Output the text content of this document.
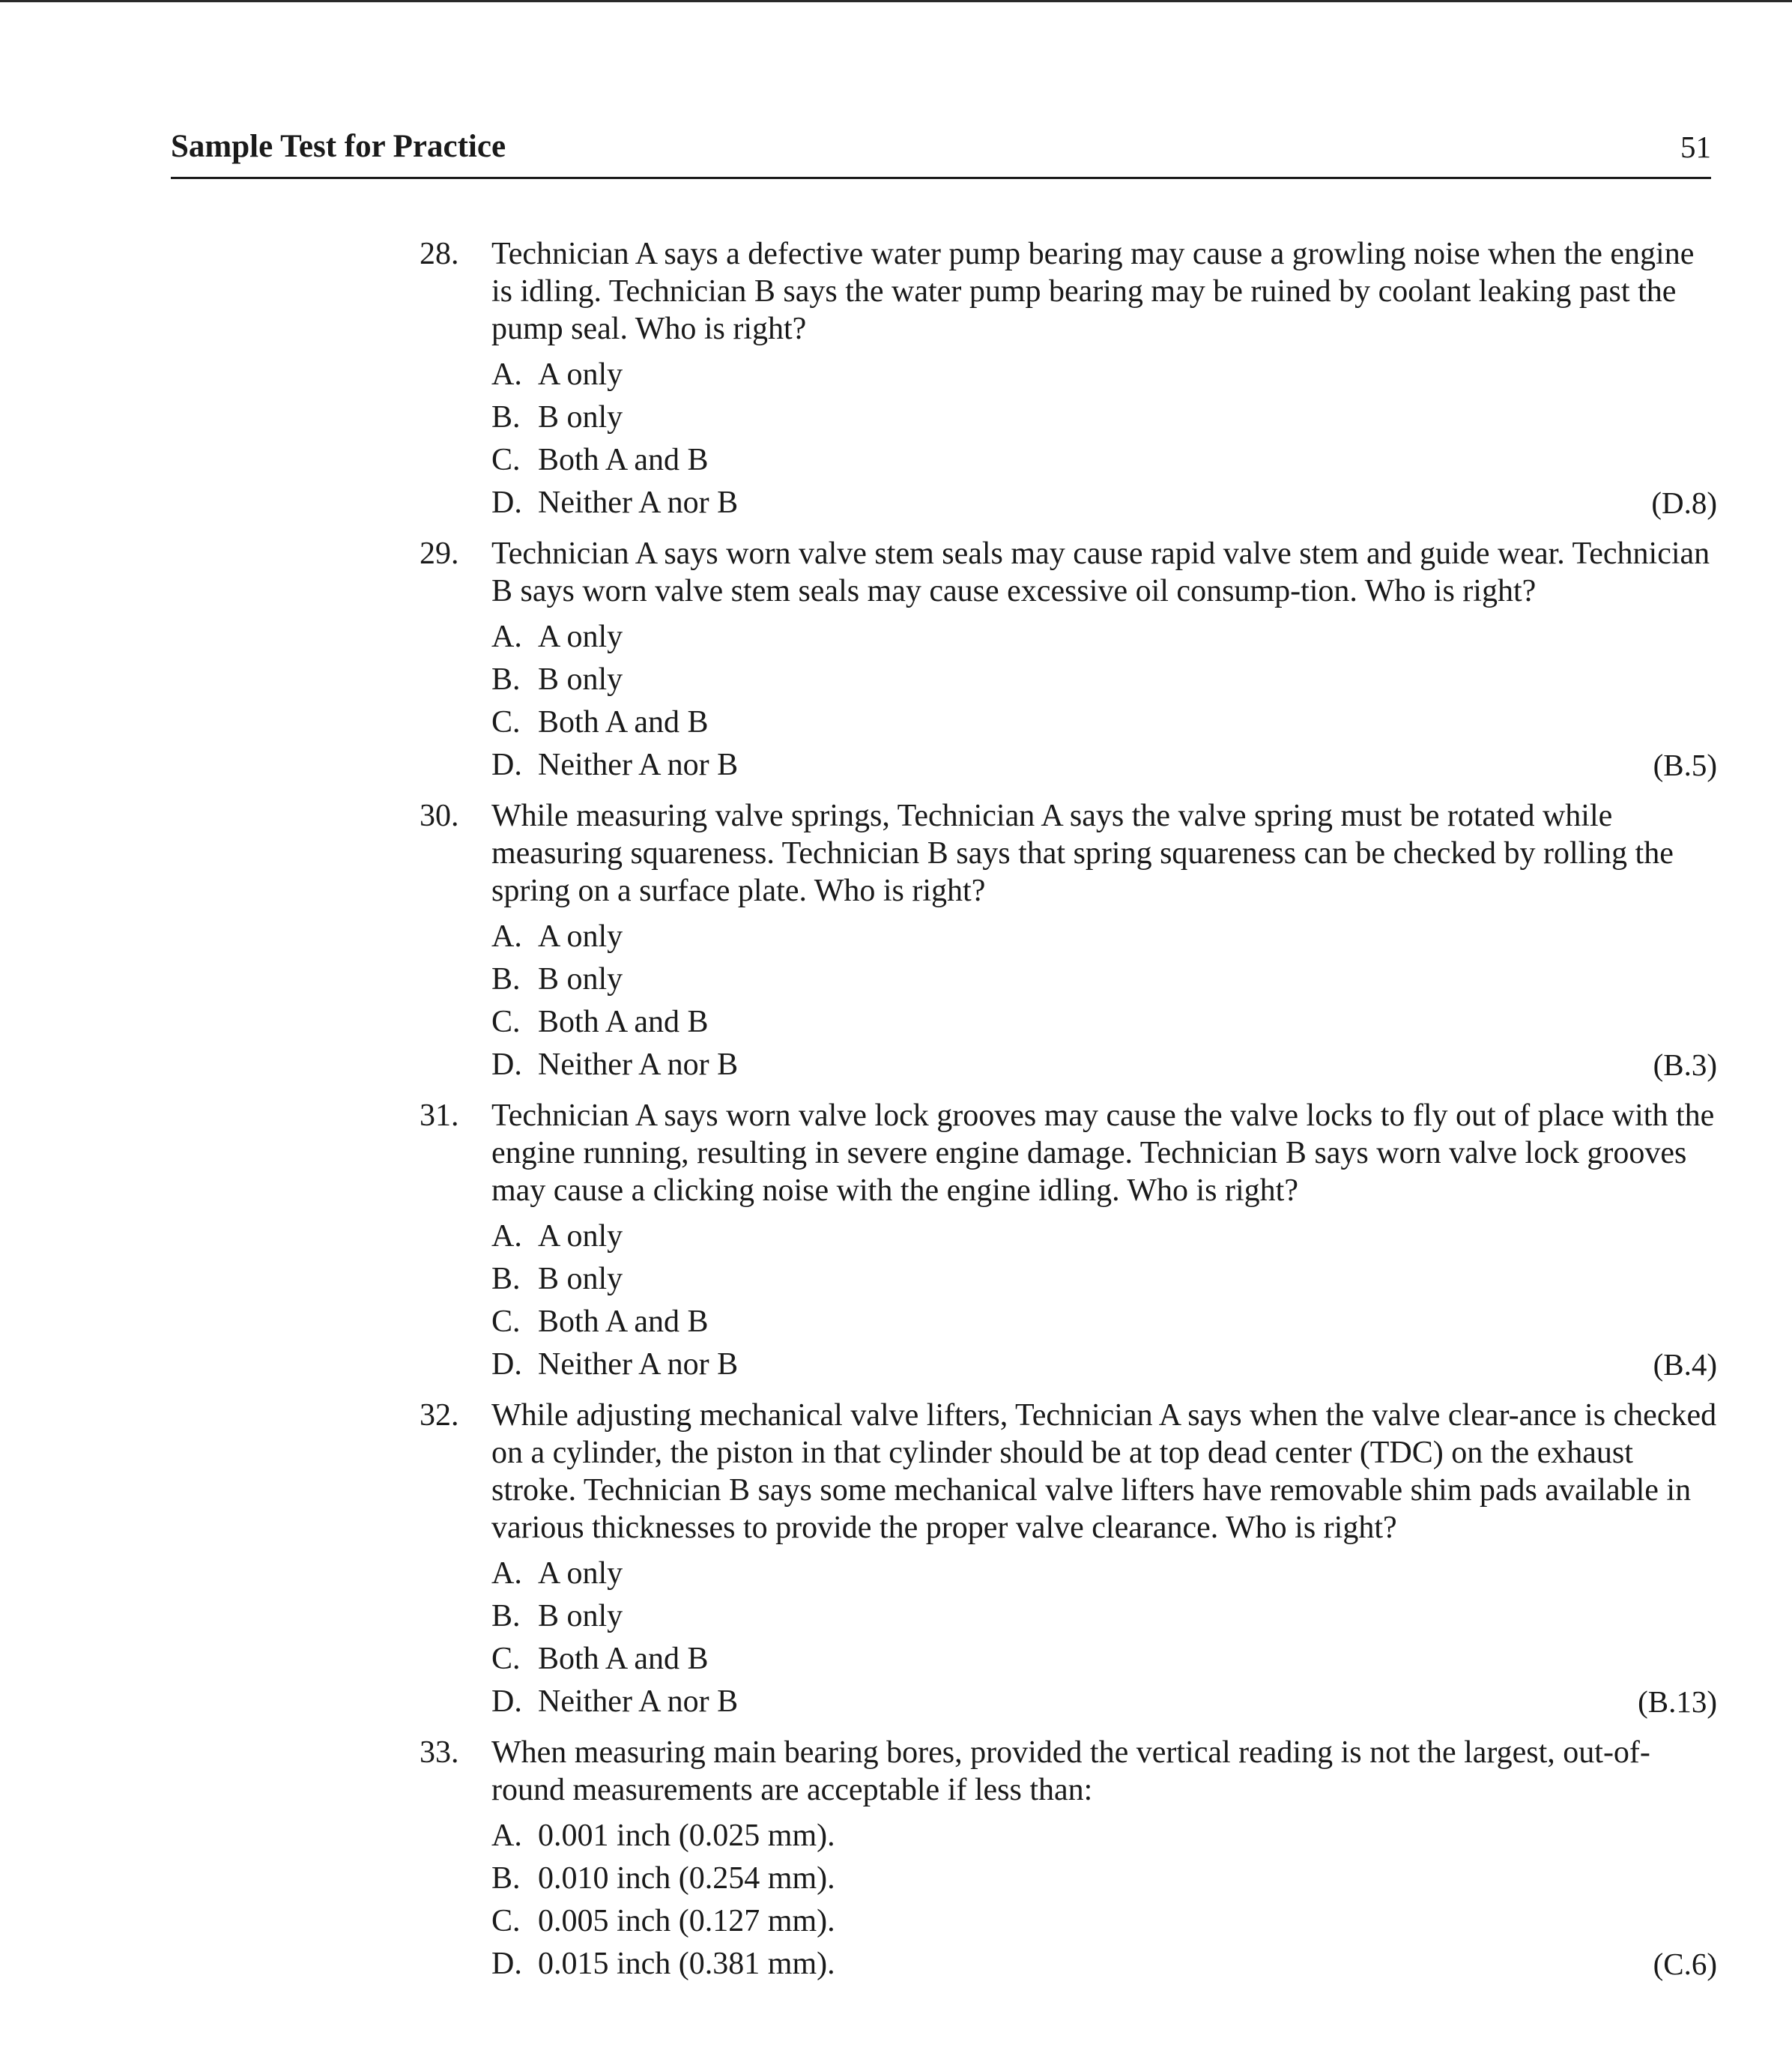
Sample Test for Practice	51
28. Technician A says a defective water pump bearing may cause a growling noise when the engine is idling. Technician B says the water pump bearing may be ruined by coolant leaking past the pump seal. Who is right?
A. A only
B. B only
C. Both A and B
D. Neither A nor B	(D.8)
29. Technician A says worn valve stem seals may cause rapid valve stem and guide wear. Technician B says worn valve stem seals may cause excessive oil consump-tion. Who is right?
A. A only
B. B only
C. Both A and B
D. Neither A nor B	(B.5)
30. While measuring valve springs, Technician A says the valve spring must be rotated while measuring squareness. Technician B says that spring squareness can be checked by rolling the spring on a surface plate. Who is right?
A. A only
B. B only
C. Both A and B
D. Neither A nor B	(B.3)
31. Technician A says worn valve lock grooves may cause the valve locks to fly out of place with the engine running, resulting in severe engine damage. Technician B says worn valve lock grooves may cause a clicking noise with the engine idling. Who is right?
A. A only
B. B only
C. Both A and B
D. Neither A nor B	(B.4)
32. While adjusting mechanical valve lifters, Technician A says when the valve clear-ance is checked on a cylinder, the piston in that cylinder should be at top dead center (TDC) on the exhaust stroke. Technician B says some mechanical valve lifters have removable shim pads available in various thicknesses to provide the proper valve clearance. Who is right?
A. A only
B. B only
C. Both A and B
D. Neither A nor B	(B.13)
33. When measuring main bearing bores, provided the vertical reading is not the largest, out-of-round measurements are acceptable if less than:
A. 0.001 inch (0.025 mm).
B. 0.010 inch (0.254 mm).
C. 0.005 inch (0.127 mm).
D. 0.015 inch (0.381 mm).	(C.6)
